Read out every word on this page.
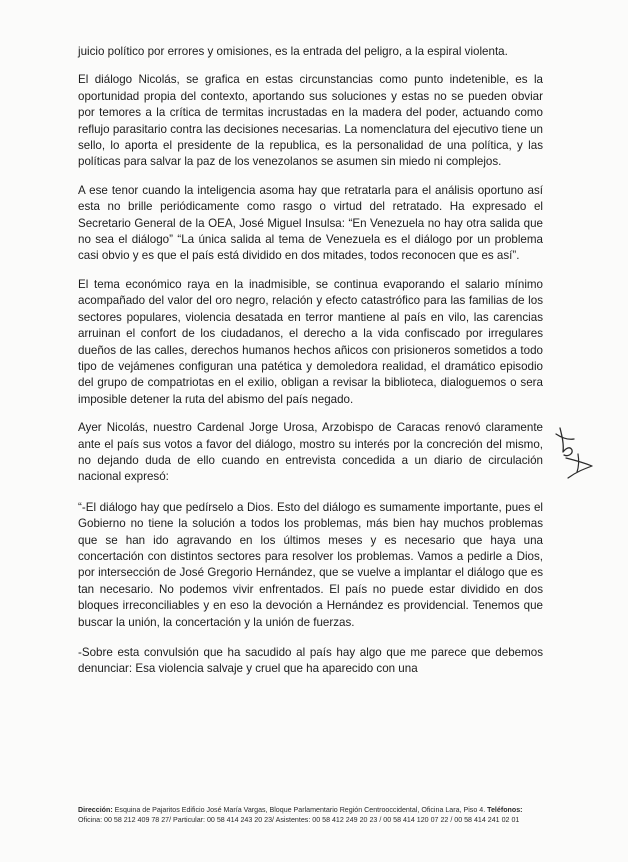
juicio político por errores y omisiones, es la entrada del peligro, a la espiral violenta.

El diálogo Nicolás, se grafica en estas circunstancias como punto indetenible, es la oportunidad propia del contexto, aportando sus soluciones y estas no se pueden obviar por temores a la crítica de termitas incrustadas en la madera del poder, actuando como reflujo parasitario contra las decisiones necesarias. La nomenclatura del ejecutivo tiene un sello, lo aporta el presidente de la republica, es la personalidad de una política, y las políticas para salvar la paz de los venezolanos se asumen sin miedo ni complejos.

A ese tenor cuando la inteligencia asoma hay que retratarla para el análisis oportuno así esta no brille periódicamente como rasgo o virtud del retratado. Ha expresado el Secretario General de la OEA, José Miguel Insulsa: “En Venezuela no hay otra salida que no sea el diálogo” “La única salida al tema de Venezuela es el diálogo por un problema casi obvio y es que el país está dividido en dos mitades, todos reconocen que es así”.

El tema económico raya en la inadmisible, se continua evaporando el salario mínimo acompañado del valor del oro negro, relación y efecto catastrófico para las familias de los sectores populares, violencia desatada en terror mantiene al país en vilo, las carencias arruinan el confort de los ciudadanos, el derecho a la vida confiscado por irregulares dueños de las calles, derechos humanos hechos añicos con prisioneros sometidos a todo tipo de vejámenes configuran una patética y demoledora realidad, el dramático episodio del grupo de compatriotas en el exilio, obligan a revisar la biblioteca, dialoguemos o sera imposible detener la ruta del abismo del país negado.

Ayer Nicolás, nuestro Cardenal Jorge Urosa, Arzobispo de Caracas renovó claramente ante el país sus votos a favor del diálogo, mostro su interés por la concreción del mismo, no dejando duda de ello cuando en entrevista concedida a un diario de circulación nacional expresó:

“-El diálogo hay que pedírselo a Dios. Esto del diálogo es sumamente importante, pues el Gobierno no tiene la solución a todos los problemas, más bien hay muchos problemas que se han ido agravando en los últimos meses y es necesario que haya una concertación con distintos sectores para resolver los problemas. Vamos a pedirle a Dios, por intersección de José Gregorio Hernández, que se vuelve a implantar el diálogo que es tan necesario. No podemos vivir enfrentados. El país no puede estar dividido en dos bloques irreconciliables y en eso la devoción a Hernández es providencial. Tenemos que buscar la unión, la concertación y la unión de fuerzas.

-Sobre esta convulsión que ha sacudido al país hay algo que me parece que debemos denunciar: Esa violencia salvaje y cruel que ha aparecido con una

Dirección: Esquina de Pajaritos Edificio José María Vargas, Bloque Parlamentario Región Centrooccidental, Oficina Lara, Piso 4. Teléfonos: Oficina: 00 58 212 409 78 27/ Particular: 00 58 414 243 20 23/ Asistentes: 00 58 412 249 20 23 / 00 58 414 120 07 22 / 00 58 414 241 02 01
